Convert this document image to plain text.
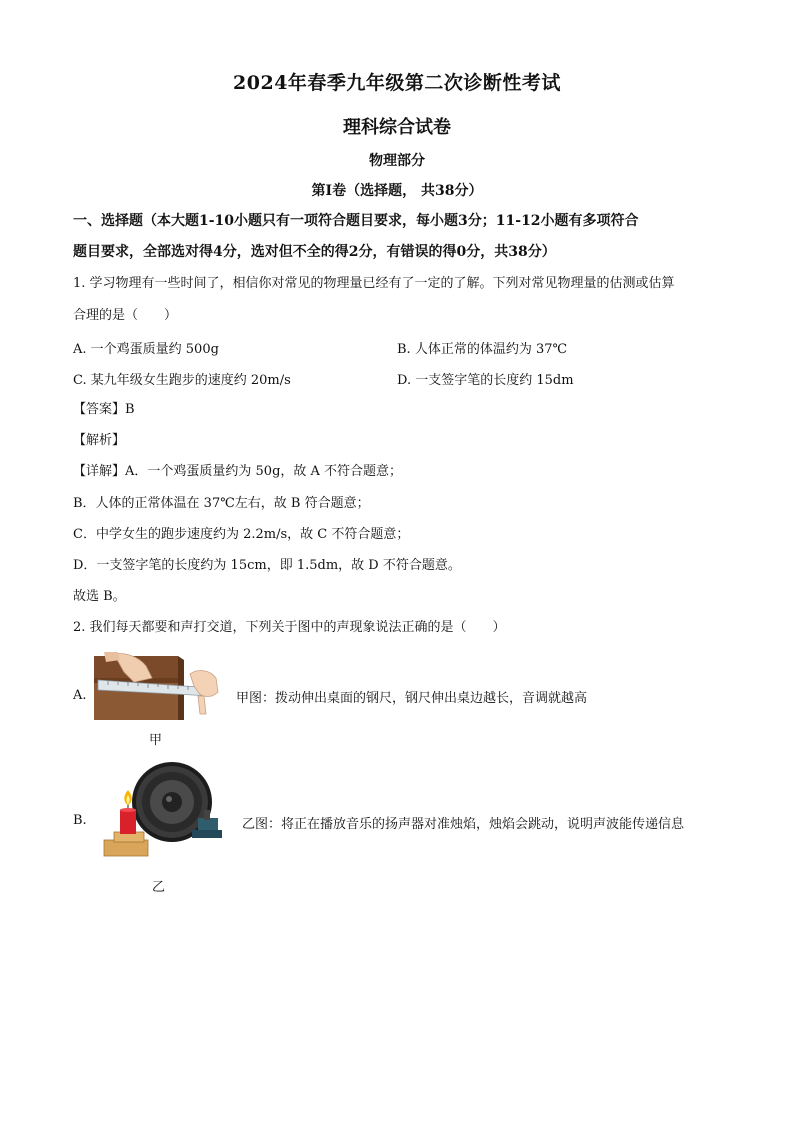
2024年春季九年级第二次诊断性考试
理科综合试卷
物理部分
第Ⅰ卷（选择题， 共38分）
一、选择题（本大题1-10小题只有一项符合题目要求，每小题3分；11-12小题有多项符合
题目要求，全部选对得4分，选对但不全的得2分，有错误的得0分，共38分）
1. 学习物理有一些时间了，相信你对常见的物理量已经有了一定的了解。下列对常见物理量的估测或估算
合理的是（　　）
A. 一个鸡蛋质量约 500g	B. 人体正常的体温约为 37℃
C. 某九年级女生跑步的速度约 20m/s	D. 一支签字笔的长度约 15dm
【答案】B
【解析】
【详解】A．一个鸡蛋质量约为 50g，故 A 不符合题意；
B．人体的正常体温在 37℃左右，故 B 符合题意；
C．中学女生的跑步速度约为 2.2m/s，故 C 不符合题意；
D．一支签字笔的长度约为 15cm，即 1.5dm，故 D 不符合题意。
故选 B。
2. 我们每天都要和声打交道，下列关于图中的声现象说法正确的是（　　）
A.	甲图：拨动伸出桌面的钢尺，钢尺伸出桌边越长，音调就越高
甲
B.	乙图：将正在播放音乐的扬声器对准烛焰，烛焰会跳动，说明声波能传递信息
乙
